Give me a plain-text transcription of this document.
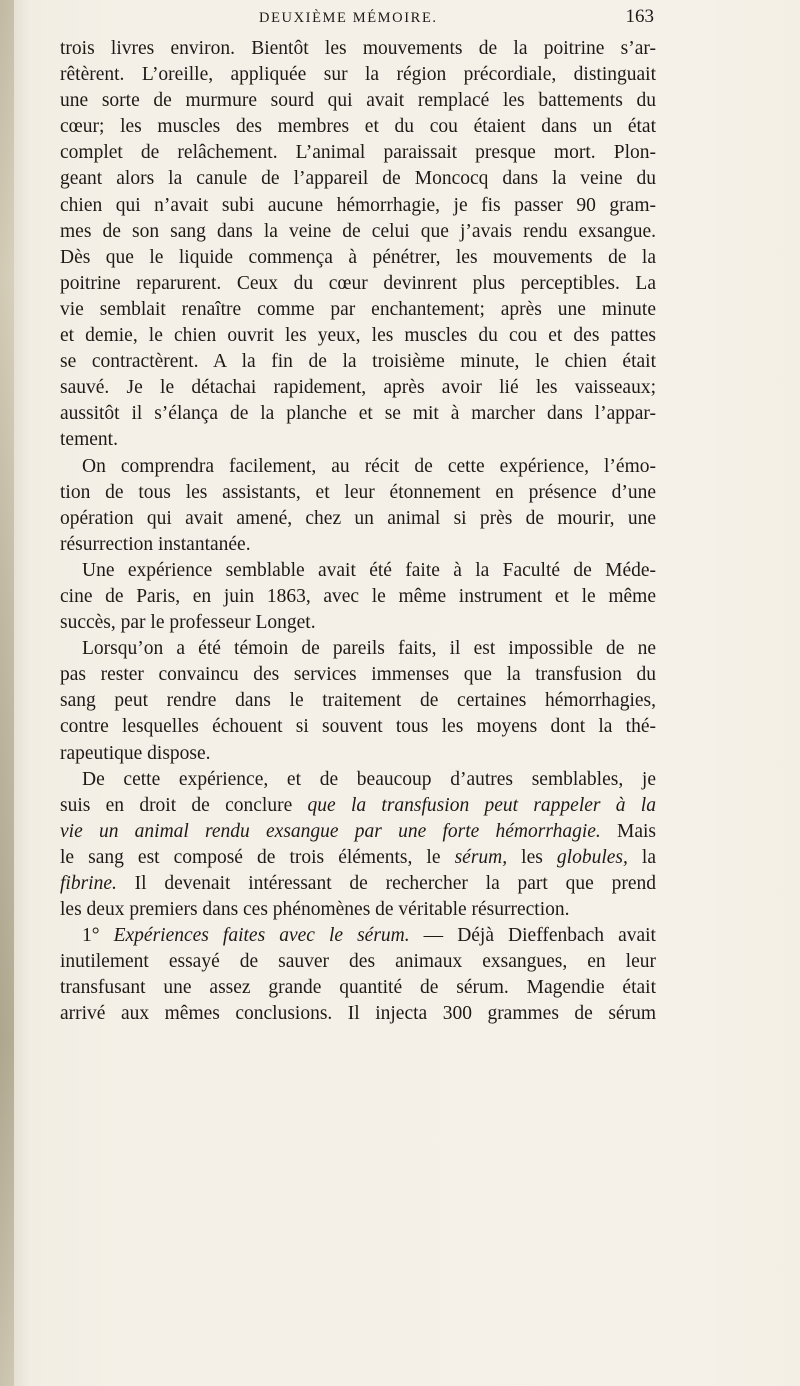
DEUXIÈME MÉMOIRE.	163
trois livres environ. Bientôt les mouvements de la poitrine s’ar-
rêtèrent. L’oreille, appliquée sur la région précordiale, distinguait
une sorte de murmure sourd qui avait remplacé les battements du
cœur; les muscles des membres et du cou étaient dans un état
complet de relâchement. L’animal paraissait presque mort. Plon-
geant alors la canule de l’appareil de Moncocq dans la veine du
chien qui n’avait subi aucune hémorrhagie, je fis passer 90 gram-
mes de son sang dans la veine de celui que j’avais rendu exsangue.
Dès que le liquide commença à pénétrer, les mouvements de la
poitrine reparurent. Ceux du cœur devinrent plus perceptibles. La
vie semblait renaître comme par enchantement; après une minute
et demie, le chien ouvrit les yeux, les muscles du cou et des pattes
se contractèrent. A la fin de la troisième minute, le chien était
sauvé. Je le détachai rapidement, après avoir lié les vaisseaux;
aussitôt il s’élança de la planche et se mit à marcher dans l’appar-
tement.
On comprendra facilement, au récit de cette expérience, l’émo-
tion de tous les assistants, et leur étonnement en présence d’une
opération qui avait amené, chez un animal si près de mourir, une
résurrection instantanée.
Une expérience semblable avait été faite à la Faculté de Méde-
cine de Paris, en juin 1863, avec le même instrument et le même
succès, par le professeur Longet.
Lorsqu’on a été témoin de pareils faits, il est impossible de ne
pas rester convaincu des services immenses que la transfusion du
sang peut rendre dans le traitement de certaines hémorrhagies,
contre lesquelles échouent si souvent tous les moyens dont la thé-
rapeutique dispose.
De cette expérience, et de beaucoup d’autres semblables, je
suis en droit de conclure que la transfusion peut rappeler à la
vie un animal rendu exsangue par une forte hémorrhagie. Mais
le sang est composé de trois éléments, le sérum, les globules, la
fibrine. Il devenait intéressant de rechercher la part que prend
les deux premiers dans ces phénomènes de véritable résurrection.
1° Expériences faites avec le sérum. — Déjà Dieffenbach avait
inutilement essayé de sauver des animaux exsangues, en leur
transfusant une assez grande quantité de sérum. Magendie était
arrivé aux mêmes conclusions. Il injecta 300 grammes de sérum
